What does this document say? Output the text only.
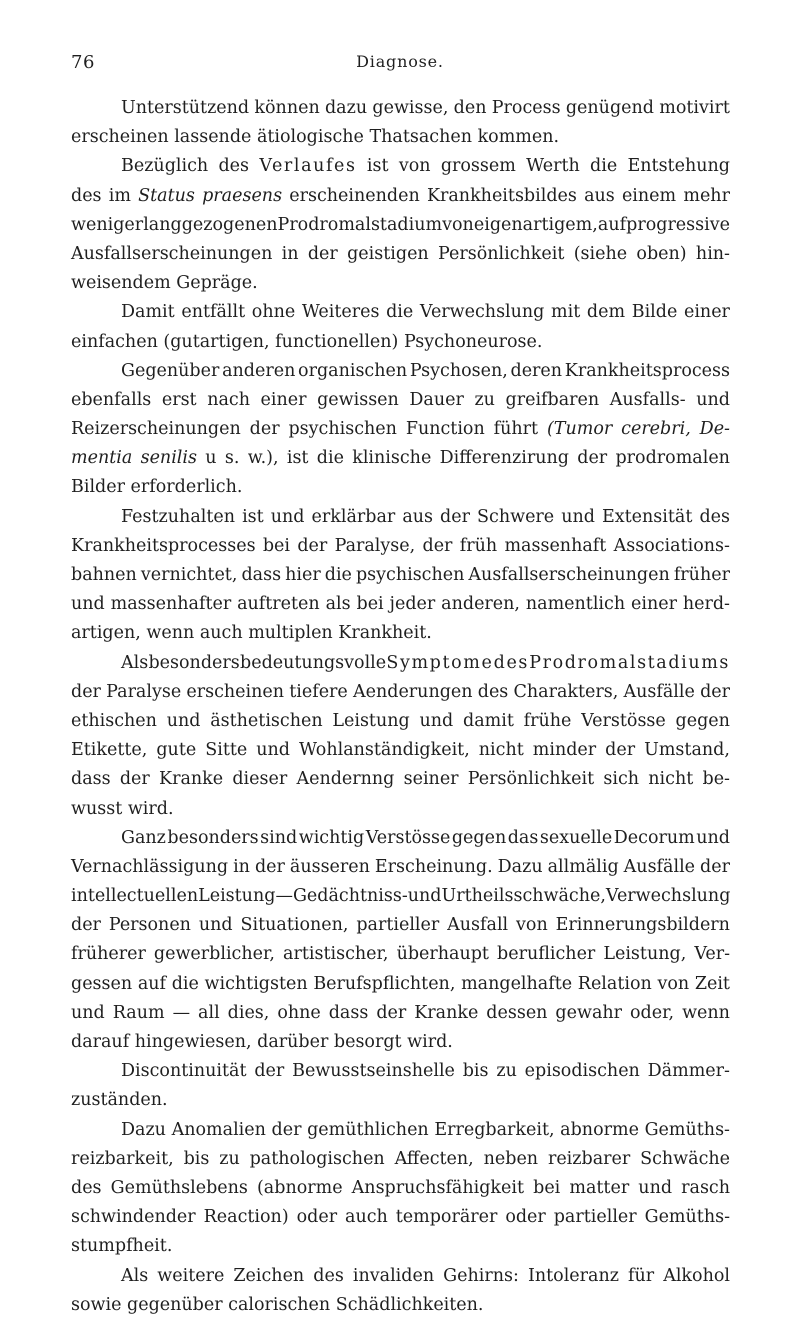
76	Diagnose.
Unterstützend können dazu gewisse, den Process genügend motivirt
erscheinen lassende ätiologische Thatsachen kommen.
Bezüglich des Verlaufes ist von grossem Werth die Entstehung
des im Status praesens erscheinenden Krankheitsbildes aus einem mehr
weniger langgezogenen Prodromalstadium von eigenartigem, auf progressive
Ausfallserscheinungen in der geistigen Persönlichkeit (siehe oben) hin-
weisendem Gepräge.
Damit entfällt ohne Weiteres die Verwechslung mit dem Bilde einer
einfachen (gutartigen, functionellen) Psychoneurose.
Gegenüber anderen organischen Psychosen, deren Krankheitsprocess
ebenfalls erst nach einer gewissen Dauer zu greifbaren Ausfalls- und
Reizerscheinungen der psychischen Function führt (Tumor cerebri, De-
mentia senilis u s. w.), ist die klinische Differenzirung der prodromalen
Bilder erforderlich.
Festzuhalten ist und erklärbar aus der Schwere und Extensität des
Krankheitsprocesses bei der Paralyse, der früh massenhaft Associations-
bahnen vernichtet, dass hier die psychischen Ausfallserscheinungen früher
und massenhafter auftreten als bei jeder anderen, namentlich einer herd-
artigen, wenn auch multiplen Krankheit.
Als besonders bedeutungsvolle Symptome des Prodromalstadiums
der Paralyse erscheinen tiefere Aenderungen des Charakters, Ausfälle der
ethischen und ästhetischen Leistung und damit frühe Verstösse gegen
Etikette, gute Sitte und Wohlanständigkeit, nicht minder der Umstand,
dass der Kranke dieser Aendernng seiner Persönlichkeit sich nicht be-
wusst wird.
Ganz besonders sind wichtig Verstösse gegen das sexuelle Decorum und
Vernachlässigung in der äusseren Erscheinung. Dazu allmälig Ausfälle der
intellectuellen Leistung — Gedächtniss- und Urtheilsschwäche, Verwechslung
der Personen und Situationen, partieller Ausfall von Erinnerungsbildern
früherer gewerblicher, artistischer, überhaupt beruflicher Leistung, Ver-
gessen auf die wichtigsten Berufspflichten, mangelhafte Relation von Zeit
und Raum — all dies, ohne dass der Kranke dessen gewahr oder, wenn
darauf hingewiesen, darüber besorgt wird.
Discontinuität der Bewusstseinshelle bis zu episodischen Dämmer-
zuständen.
Dazu Anomalien der gemüthlichen Erregbarkeit, abnorme Gemüths-
reizbarkeit, bis zu pathologischen Affecten, neben reizbarer Schwäche
des Gemüthslebens (abnorme Anspruchsfähigkeit bei matter und rasch
schwindender Reaction) oder auch temporärer oder partieller Gemüths-
stumpfheit.
Als weitere Zeichen des invaliden Gehirns: Intoleranz für Alkohol
sowie gegenüber calorischen Schädlichkeiten.
